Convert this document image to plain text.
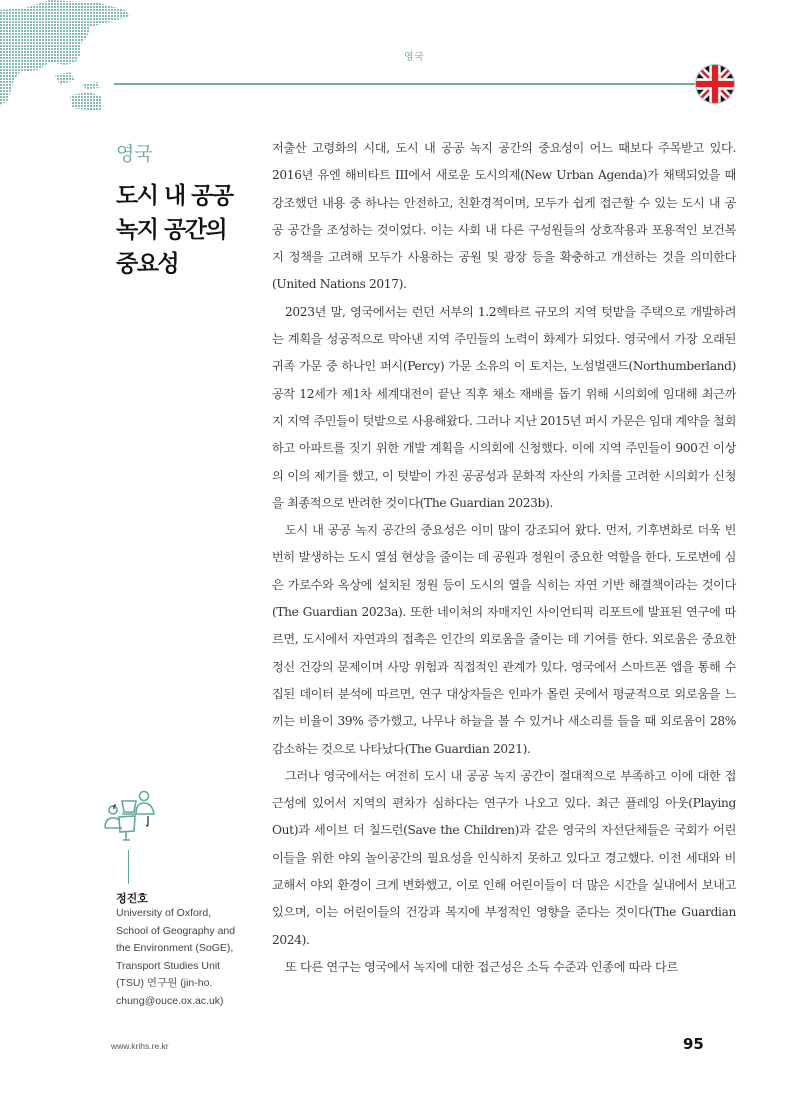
영국
영국
도시 내 공공
녹지 공간의
중요성

저출산 고령화의 시대, 도시 내 공공 녹지 공간의 중요성이 어느 때보다 주목받고 있다. 2016년 유엔 해비타트 III에서 새로운 도시의제(New Urban Agenda)가 채택되었을 때 강조했던 내용 중 하나는 안전하고, 친환경적이며, 모두가 쉽게 접근할 수 있는 도시 내 공공 공간을 조성하는 것이었다. 이는 사회 내 다른 구성원들의 상호작용과 포용적인 보건복지 정책을 고려해 모두가 사용하는 공원 및 광장 등을 확충하고 개선하는 것을 의미한다(United Nations 2017).

2023년 말, 영국에서는 런던 서부의 1.2헥타르 규모의 지역 텃밭을 주택으로 개발하려는 계획을 성공적으로 막아낸 지역 주민들의 노력이 화제가 되었다. 영국에서 가장 오래된 귀족 가문 중 하나인 퍼시(Percy) 가문 소유의 이 토지는, 노섬벌랜드(Northumberland) 공작 12세가 제1차 세계대전이 끝난 직후 채소 재배를 돕기 위해 시의회에 임대해 최근까지 지역 주민들이 텃밭으로 사용해왔다. 그러나 지난 2015년 퍼시 가문은 임대 계약을 철회하고 아파트를 짓기 위한 개발 계획을 시의회에 신청했다. 이에 지역 주민들이 900건 이상의 이의 제기를 했고, 이 텃밭이 가진 공공성과 문화적 자산의 가치를 고려한 시의회가 신청을 최종적으로 반려한 것이다(The Guardian 2023b).

도시 내 공공 녹지 공간의 중요성은 이미 많이 강조되어 왔다. 먼저, 기후변화로 더욱 빈번히 발생하는 도시 열섬 현상을 줄이는 데 공원과 정원이 중요한 역할을 한다. 도로변에 심은 가로수와 옥상에 설치된 정원 등이 도시의 열을 식히는 자연 기반 해결책이라는 것이다(The Guardian 2023a). 또한 네이처의 자매지인 사이언티픽 리포트에 발표된 연구에 따르면, 도시에서 자연과의 접촉은 인간의 외로움을 줄이는 데 기여를 한다. 외로움은 중요한 정신 건강의 문제이며 사망 위험과 직접적인 관계가 있다. 영국에서 스마트폰 앱을 통해 수집된 데이터 분석에 따르면, 연구 대상자들은 인파가 몰린 곳에서 평균적으로 외로움을 느끼는 비율이 39% 증가했고, 나무나 하늘을 볼 수 있거나 새소리를 들을 때 외로움이 28% 감소하는 것으로 나타났다(The Guardian 2021).

그러나 영국에서는 여전히 도시 내 공공 녹지 공간이 절대적으로 부족하고 이에 대한 접근성에 있어서 지역의 편차가 심하다는 연구가 나오고 있다. 최근 플레잉 아웃(Playing Out)과 세이브 더 칠드런(Save the Children)과 같은 영국의 자선단체들은 국회가 어린이들을 위한 야외 놀이공간의 필요성을 인식하지 못하고 있다고 경고했다. 이전 세대와 비교해서 야외 환경이 크게 변화했고, 이로 인해 어린이들이 더 많은 시간을 실내에서 보내고 있으며, 이는 어린이들의 건강과 복지에 부정적인 영향을 준다는 것이다(The Guardian 2024).

또 다른 연구는 영국에서 녹지에 대한 접근성은 소득 수준과 인종에 따라 다르

정진호
University of Oxford,
School of Geography and
the Environment (SoGE),
Transport Studies Unit
(TSU) 연구원 (jin-ho.
chung@ouce.ox.ac.uk)
www.krihs.re.kr	95
